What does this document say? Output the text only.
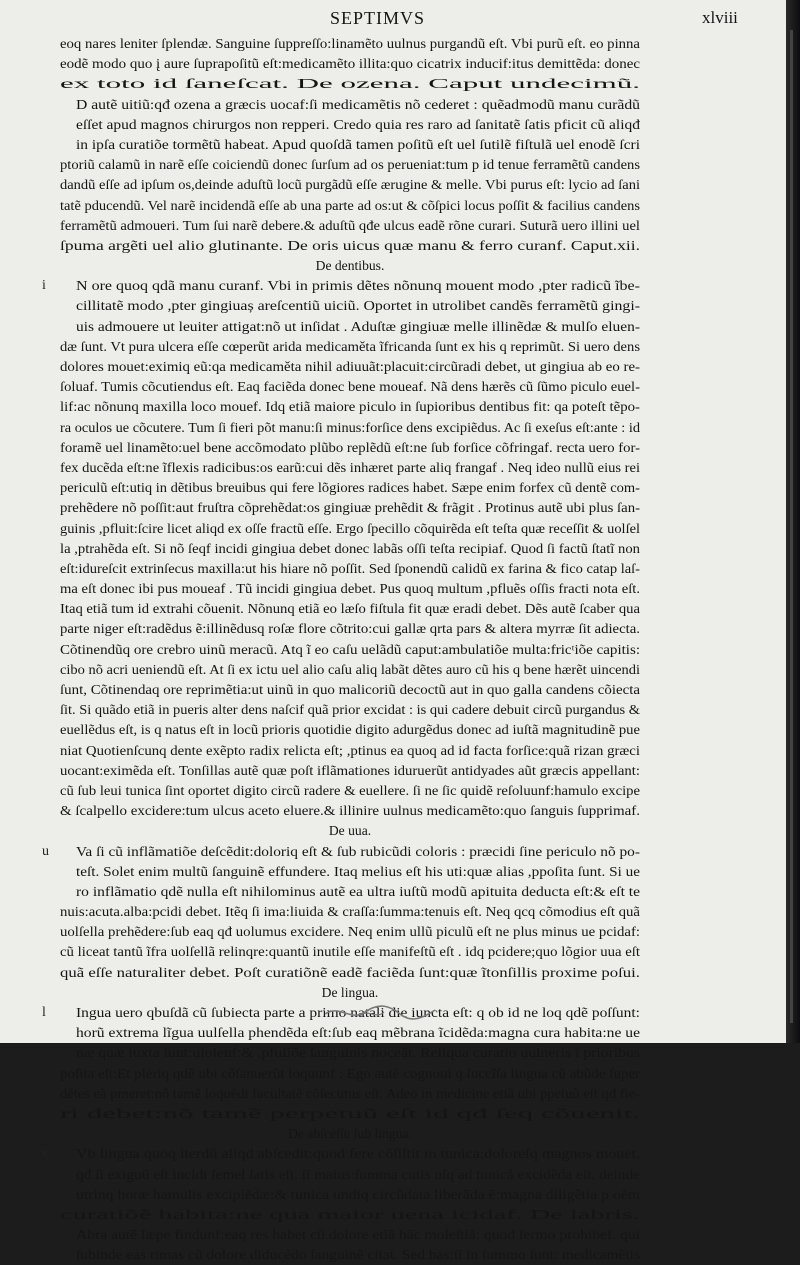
SEPTIMVS	xlviii
eoq nares leniter ſplendæ. Sanguine ſuppreſſo:linamẽto uulnus purgandũ eſt. Vbi purũ eſt. eo pinna
eodẽ modo quo į aure ſuprapoſitũ eſt:medicamẽto illita:quo cicatrix inducif:itus demittẽda: donec
ex toto id ſaneſcat. De ozena. Caput undecimũ.
D autẽ uitiũ:qđ ozena a græcis uocaf:ſi medicamẽtis nõ cederet : quẽadmodũ manu curãdũ
eſſet apud magnos chirurgos non repperi. Credo quia res raro ad ſanitatẽ ſatis pficit cũ aliqđ
in ipſa curatiõe tormẽtũ habeat. Apud quoſdã tamen poſitũ eſt uel ſutilẽ fiſtulã uel enodẽ ſcri
ptoriũ calamũ in narẽ eſſe coiciendũ donec ſurſum ad os perueniat:tum p id tenue ferramẽtũ candens
dandũ eſſe ad ipſum os,deinde aduſtũ locũ purgãdũ eſſe ærugine & melle. Vbi purus eſt: lycio ad ſani
tatẽ pducendũ. Vel narẽ incidendã eſſe ab una parte ad os:ut & cõſpici locus poſſit & facilius candens
ferramẽtũ admoueri. Tum ſui narẽ debere.& aduſtũ qđe ulcus eadẽ rõne curari. Suturã uero illini uel
ſpuma argẽti uel alio glutinante. De oris uicus quæ manu & ferro curanf. Caput.xii.
De dentibus.
i N ore quoq qdã manu curanf. Vbi in primis dẽtes nõnunq mouent modo ,pter radicũ ĩbe-
cillitatẽ modo ,pter gingiuaș areſcentiũ uiciũ. Oportet in utrolibet candẽs ferramẽtũ gingi-
uis admouere ut leuiter attigat:nõ ut inſidat . Aduſtæ gingiuæ melle illinẽdæ & mulſo eluen-
dæ ſunt. Vt pura ulcera eſſe cœperũt arida medicaměta ĩfricanda ſunt ex his q reprimũt. Si uero dens
dolores mouet:eximiq eũ:qa medicaměta nihil adiuuãt:placuit:circũradi debet, ut gingiua ab eo re-
ſoluaf. Tumis cõcutiendus eſt. Eaq faciẽda donec bene moueaf. Nã dens hærẽs cũ ſũmo piculo euel-
lif:ac nõnunq maxilla loco mouef. Idq etiã maiore piculo in ſupioribus dentibus fit: qa poteſt tẽpo-
ra oculos ue cõcutere. Tum ſi fieri põt manu:ſi minus:forſice dens excipiẽdus. Ac ſi exeſus eſt:ante : id
foramẽ uel linamẽto:uel bene accõmodato plũbo replẽdũ eſt:ne ſub forſice cõfringaf. recta uero for-
fex ducẽda eſt:ne ĩflexis radicibus:os earũ:cui dẽs inhæret parte aliq frangaf . Neq ideo nullũ eius rei
periculũ eſt:utiq in dẽtibus breuibus qui fere lõgiores radices habet. Sæpe enim forfex cũ dentẽ com-
prehẽdere nõ poſſit:aut fruſtra cõprehẽdat:os gingiuæ prehẽdit & frãgit . Protinus autẽ ubi plus ſan-
guinis ,pfluit:ſcire licet aliqd ex oſſe fractũ eſſe. Ergo ſpecillo cõquirẽda eſt teſta quæ receſſit & uolſel
la ,ptrahẽda eſt. Si nõ ſeqf incidi gingiua debet donec labãs oſſi teſta recipiaf. Quod ſi factũ ſtatĩ non
eſt:idureſcit extrinſecus maxilla:ut his hiare nõ poſſit. Sed ſponendũ calidũ ex farina & fico catap laſ-
ma eſt donec ibi pus moueaf . Tũ incidi gingiua debet. Pus quoq multum ,pfluẽs oſſis fracti nota eſt.
Itaq etiã tum id extrahi cõuenit. Nõnunq etiã eo læſo fiſtula fit quæ eradi debet. Dẽs autẽ ſcaber qua
parte niger eſt:radẽdus ẽ:illinẽdusq roſæ flore cõtrito:cui gallæ qrta pars & altera myrræ ſit adiecta.
Cõtinendũq ore crebro uinũ meracũ. Atq ĩ eo caſu uelãdũ caput:ambulatiõe multa:fricᵗiõe capitis:
cibo nõ acri ueniendũ eſt. At ſi ex ictu uel alio caſu aliq labãt dẽtes auro cũ his q bene hærẽt uincendi
ſunt, Cõtinendaq ore reprimẽtia:ut uinũ in quo malicoriũ decoctũ aut in quo galla candens cõiecta
ſit. Si quãdo etiã in pueris alter dens naſcif quã prior excidat : is qui cadere debuit circũ purgandus &
euellẽdus eſt, is q natus eſt in locũ prioris quotidie digito adurgẽdus donec ad iuſtã magnitudinẽ pue
niat Quotienſcunq dente exẽpto radix relicta eſt; ,ptinus ea quoq ad id facta forſice:quã rizan græci
uocant:eximẽda eſt. Tonſillas autẽ quæ poſt iflãmationes iduruerũt antidyades aũt græcis appellant:
cũ ſub leui tunica ſint oportet digito circũ radere & euellere. ſi ne ſic quidẽ reſoluunf:hamulo excipe
& ſcalpello excidere:tum ulcus aceto eluere.& illinire uulnus medicamẽto:quo ſanguis ſupprimaf.
De uua.
u Va ſi cũ inflãmatiõe deſcẽdit:doloriq eſt & ſub rubicũdi coloris : præcidi ſine periculo nõ po-
teſt. Solet enim multũ ſanguinẽ effundere. Itaq melius eſt his uti:quæ alias ,ppoſita ſunt. Si ue
ro inflãmatio qdẽ nulla eſt nihilominus autẽ ea ultra iuſtũ modũ apituita deducta eſt:& eſt te
nuis:acuta.alba:pcidi debet. Itẽq ſi ima:liuida & craſſa:ſumma:tenuis eſt. Neq qcq cõmodius eſt quã
uolſella prehẽdere:ſub eaq qđ uolumus excidere. Neq enim ullũ piculũ eſt ne plus minus ue pcidaf:
cũ liceat tantũ ĩfra uolſellã relinqre:quantũ inutile eſſe manifeſtũ eſt . idq pcidere;quo lõgior uua eſt
quã eſſe naturaliter debet. Poſt curatiõnẽ eadẽ faciẽda ſunt:quæ ĩtonſillis proxime poſui.
De lingua.
l Ingua uero qbuſdã cũ ſubiecta parte a primo natali die iuncta eſt: q ob id ne loq qdẽ poſſunt:
horũ extrema lĩgua uulſella phendẽda eſt:ſub eaq mẽbrana ĩcidẽda:magna cura habita:ne ue
næ quæ iuxta ſunt:uiolenf:& ,pfuſiõe ſanguinis noceãt. Reliqua curatio uulneris ĩ prioribus
poſita eſt:Et pleriq qdẽ ubi cõſanuerũt loquunf : Ego autẽ cognoui q ſuccĩſa lingua cũ abũde ſuper
dẽtes eã pmeret:nõ tamẽ loquẽdi facultatẽ cõſecutus eſt. Adeo in medicine etiã ubi ppetuũ eſt qđ fie-
ri debet:nõ tamẽ perpetuũ eſt id qđ ſeq cõuenit.
De abſceſſu ſub lingua.
s Vb lingua quoq iterdũ aliqd abſcedit:quod fere cõſiſtit in tunica:doloreſq magnos mouet.
qđ ſi exiguũ eſt incidi ſemel ſatis eſt. ſi maius:ſumma cutis uſq ad tunicã excidẽda eſt. deinde
utrinq horæ hamulis excipiẽdæ:& tunica undiq circũdata liberãda ẽ:magna diligẽtia p oẽm
curatiõẽ habita:ne qua maior uena icidaf. De labris.
Abra autẽ ſæpe findunf:eaq res habet cũ dolore etiã hãc moleſtiã: quod ſermo prohibef. qui
ſubinde eas rimas cũ dolore diducẽdo ſanguinẽ citat. Sed has:ſi in ſummo ſunt: medicamẽtis
